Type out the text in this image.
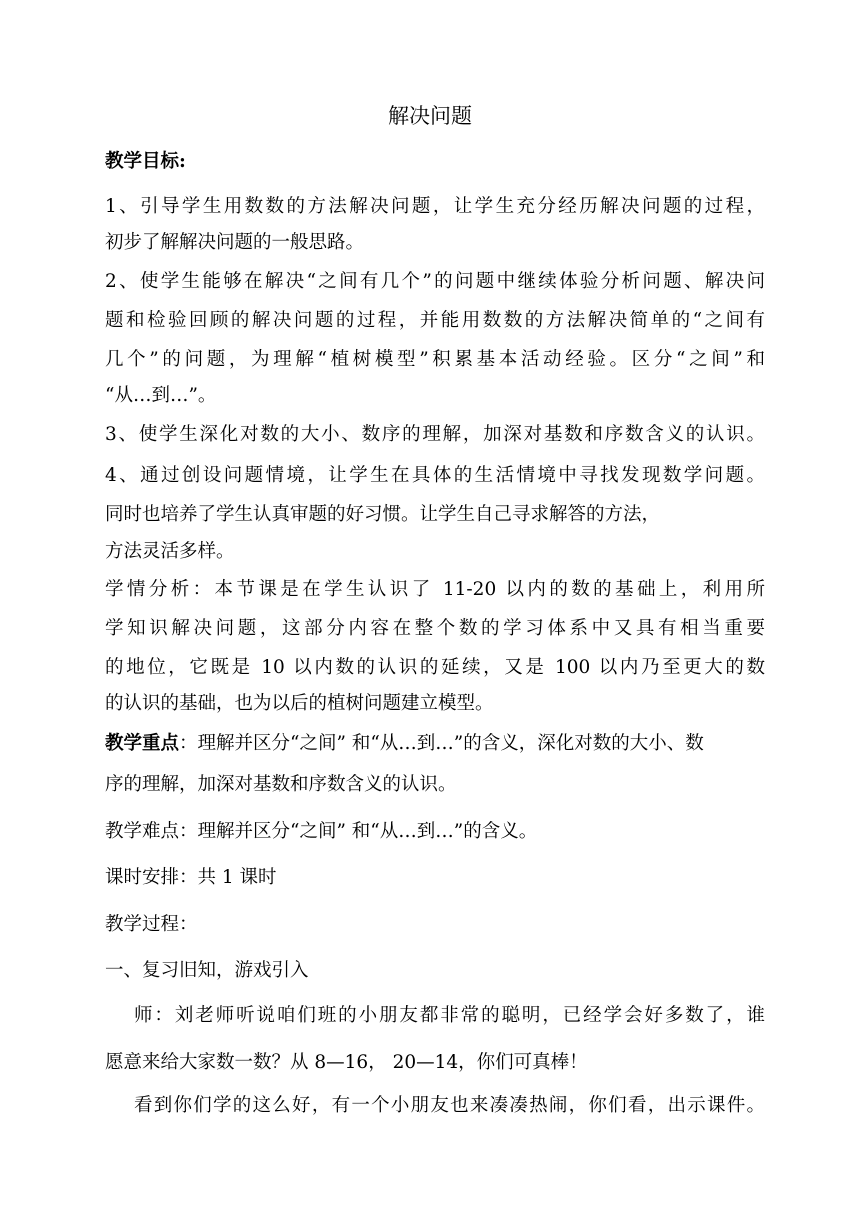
解决问题
教学目标:
1、引导学生用数数的方法解决问题，让学生充分经历解决问题的过程，
初步了解解决问题的一般思路。
2、使学生能够在解决“之间有几个”的问题中继续体验分析问题、解决问
题和检验回顾的解决问题的过程，并能用数数的方法解决简单的“之间有
几个”的问题，为理解“植树模型”积累基本活动经验。区分“之间”和
“从…到…”。
3、使学生深化对数的大小、数序的理解，加深对基数和序数含义的认识。
4、通过创设问题情境，让学生在具体的生活情境中寻找发现数学问题。
同时也培养了学生认真审题的好习惯。让学生自己寻求解答的方法，
方法灵活多样。
学情分析：本节课是在学生认识了 11-20 以内的数的基础上，利用所
学知识解决问题，这部分内容在整个数的学习体系中又具有相当重要
的地位，它既是 10 以内数的认识的延续，又是 100 以内乃至更大的数
的认识的基础，也为以后的植树问题建立模型。
教学重点：理解并区分“之间” 和“从…到…”的含义，深化对数的大小、数
序的理解，加深对基数和序数含义的认识。
教学难点：理解并区分“之间” 和“从…到…”的含义。
课时安排：共 1 课时
教学过程：
一、复习旧知，游戏引入
师：刘老师听说咱们班的小朋友都非常的聪明，已经学会好多数了，谁
愿意来给大家数一数？从 8—16， 20—14，你们可真棒！
看到你们学的这么好，有一个小朋友也来凑凑热闹，你们看，出示课件。
